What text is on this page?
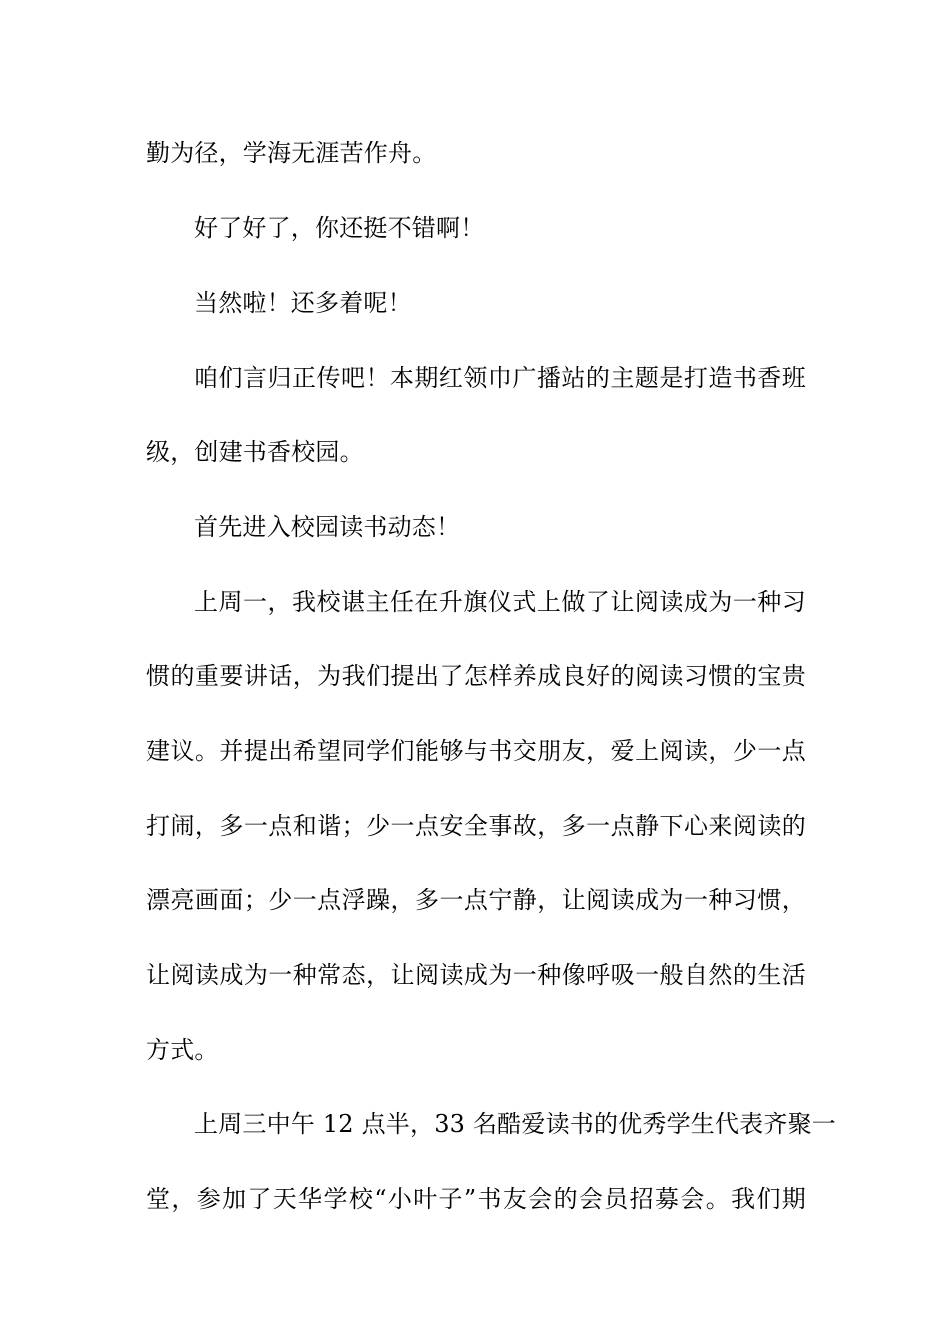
勤为径，学海无涯苦作舟。
好了好了，你还挺不错啊！
当然啦！还多着呢！
咱们言归正传吧！本期红领巾广播站的主题是打造书香班
级，创建书香校园。
首先进入校园读书动态！
上周一，我校谌主任在升旗仪式上做了让阅读成为一种习
惯的重要讲话，为我们提出了怎样养成良好的阅读习惯的宝贵
建议。并提出希望同学们能够与书交朋友，爱上阅读，少一点
打闹，多一点和谐；少一点安全事故，多一点静下心来阅读的
漂亮画面；少一点浮躁，多一点宁静，让阅读成为一种习惯，
让阅读成为一种常态，让阅读成为一种像呼吸一般自然的生活
方式。
上周三中午 12 点半，33 名酷爱读书的优秀学生代表齐聚一
堂，参加了天华学校“小叶子”书友会的会员招募会。我们期
